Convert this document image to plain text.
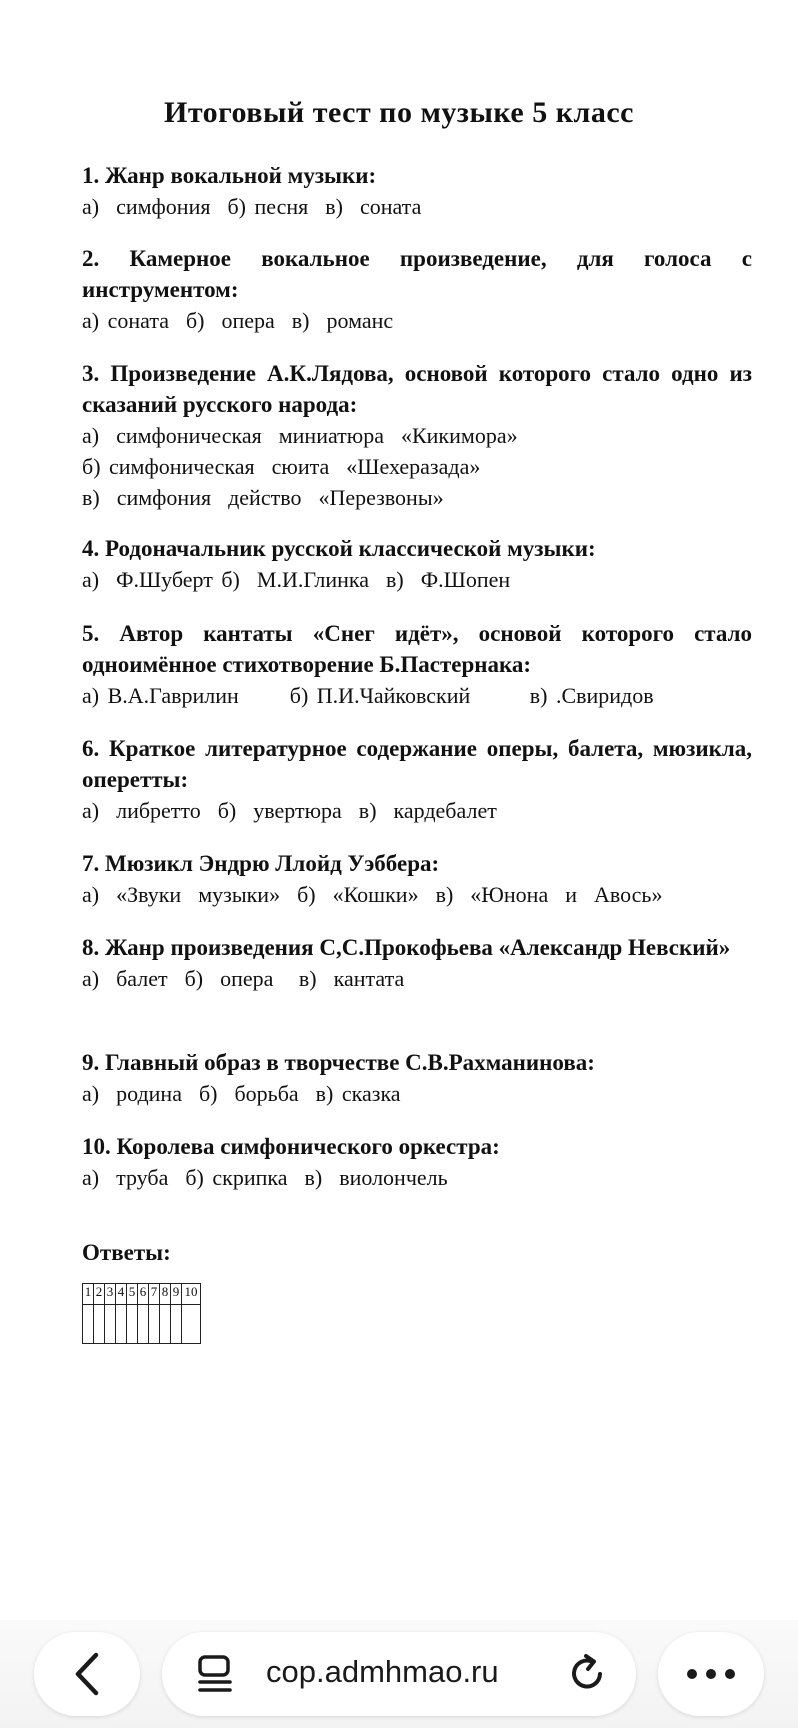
Итоговый тест по музыке 5 класс
1. Жанр вокальной музыки:
а)  симфония  б) песня  в)  соната
2. Камерное вокальное произведение, для голоса с инструментом:
а) соната  б)  опера  в)  романс
3. Произведение А.К.Лядова, основой которого стало одно из сказаний русского народа:
а)  симфоническая  миниатюра  «Кикимора»
б) симфоническая  сюита  «Шехеразада»
в)  симфония  действо  «Перезвоны»
4. Родоначальник русской классической музыки:
а)  Ф.Шуберт б)  М.И.Глинка  в)  Ф.Шопен
5. Автор кантаты «Снег идёт», основой которого стало одноимённое стихотворение Б.Пастернака:
а) В.А.Гаврилин      б) П.И.Чайковский       в) .Свиридов
6. Краткое литературное содержание оперы, балета, мюзикла, оперетты:
а)  либретто  б)  увертюра  в)  кардебалет
7. Мюзикл Эндрю Ллойд Уэббера:
а)  «Звуки  музыки»  б)  «Кошки»  в)  «Юнона  и  Авось»
8. Жанр произведения С,С.Прокофьева «Александр Невский»
а)  балет  б)  опера   в)  кантата
9. Главный образ в творчестве С.В.Рахманинова:
а)  родина  б)  борьба  в) сказка
10. Королева симфонического оркестра:
а)  труба  б) скрипка  в)  виолончель
Ответы:
1	2	3	4	5	6	7	8	9	10

cop.admhmao.ru
